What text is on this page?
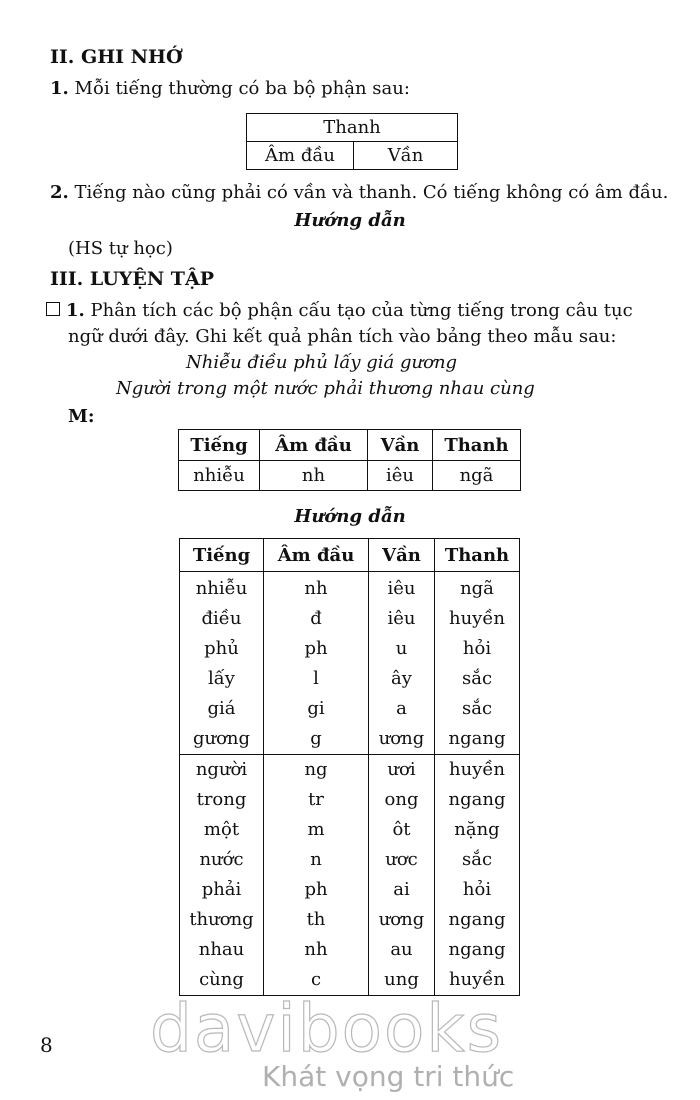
II. GHI NHỚ
1. Mỗi tiếng thường có ba bộ phận sau:
Thanh
Âm đầu	Vần
2. Tiếng nào cũng phải có vần và thanh. Có tiếng không có âm đầu.
Hướng dẫn
(HS tự học)
III. LUYỆN TẬP
1. Phân tích các bộ phận cấu tạo của từng tiếng trong câu tục
ngữ dưới đây. Ghi kết quả phân tích vào bảng theo mẫu sau:
Nhiễu điều phủ lấy giá gương
Người trong một nước phải thương nhau cùng
M:
Tiếng	Âm đầu	Vần	Thanh
nhiễu	nh	iêu	ngã
Hướng dẫn
Tiếng	Âm đầu	Vần	Thanh
nhiễu	nh	iêu	ngã
điều	đ	iêu	huyền
phủ	ph	u	hỏi
lấy	l	ây	sắc
giá	gi	a	sắc
gương	g	ương	ngang
người	ng	ươi	huyền
trong	tr	ong	ngang
một	m	ôt	nặng
nước	n	ươc	sắc
phải	ph	ai	hỏi
thương	th	ương	ngang
nhau	nh	au	ngang
cùng	c	ung	huyền
8 davibooks
Khát vọng tri thức
